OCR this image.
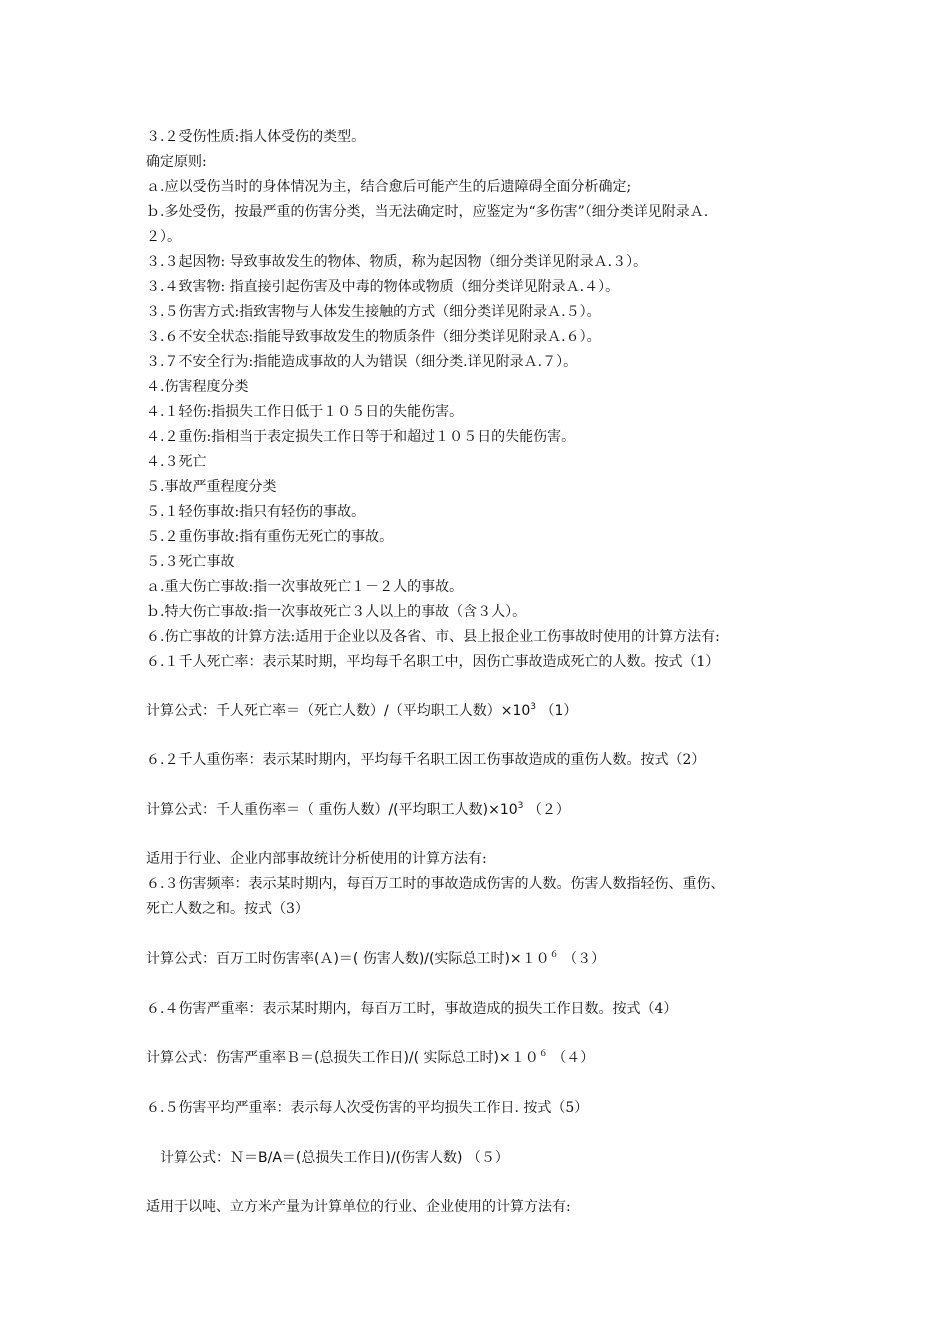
３.２受伤性质:指人体受伤的类型。
确定原则:
ａ.应以受伤当时的身体情况为主，结合愈后可能产生的后遗障碍全面分析确定;
ｂ.多处受伤，按最严重的伤害分类，当无法确定时，应鉴定为“多伤害”（细分类详见附录Ａ.
２）。
３.３起因物: 导致事故发生的物体、物质，称为起因物（细分类详见附录Ａ.３）。
３.４致害物: 指直接引起伤害及中毒的物体或物质（细分类详见附录Ａ.４）。
３.５伤害方式:指致害物与人体发生接触的方式（细分类详见附录Ａ.５）。
３.６不安全状态:指能导致事故发生的物质条件（细分类详见附录Ａ.６）。
３.７不安全行为:指能造成事故的人为错误（细分类.详见附录Ａ.７）。
４.伤害程度分类
４.１轻伤:指损失工作日低于１０５日的失能伤害。
４.２重伤:指相当于表定损失工作日等于和超过１０５日的失能伤害。
４.３死亡
５.事故严重程度分类
５.１轻伤事故:指只有轻伤的事故。
５.２重伤事故:指有重伤无死亡的事故。
５.３死亡事故
ａ.重大伤亡事故:指一次事故死亡１－２人的事故。
ｂ.特大伤亡事故:指一次事故死亡３人以上的事故（含３人）。
６.伤亡事故的计算方法:适用于企业以及各省、市、县上报企业工伤事故时使用的计算方法有:
６.１千人死亡率：表示某时期，平均每千名职工中，因伤亡事故造成死亡的人数。按式（1）
计算公式：千人死亡率＝（死亡人数）/（平均职工人数）$\times 10^3$ （1）
６.２千人重伤率：表示某时期内，平均每千名职工因工伤事故造成的重伤人数。按式（2）
计算公式：千人重伤率＝（ 重伤人数）/(平均职工人数)$\times 10^3$ （２）
适用于行业、企业内部事故统计分析使用的计算方法有:
６.３伤害频率：表示某时期内，每百万工时的事故造成伤害的人数。伤害人数指轻伤、重伤、
死亡人数之和。按式（3）
计算公式：百万工时伤害率(Ａ)＝( 伤害人数)/(实际总工时)$\times 10^6$ （３）
６.４伤害严重率：表示某时期内，每百万工时，事故造成的损失工作日数。按式（4）
计算公式：伤害严重率Ｂ＝(总损失工作日)/( 实际总工时)$\times 10^6$ （４）
６.５伤害平均严重率：表示每人次受伤害的平均损失工作日. 按式（5）
计算公式：Ｎ＝B/A＝(总损失工作日)/(伤害人数) （５）
适用于以吨、立方米产量为计算单位的行业、企业使用的计算方法有:
